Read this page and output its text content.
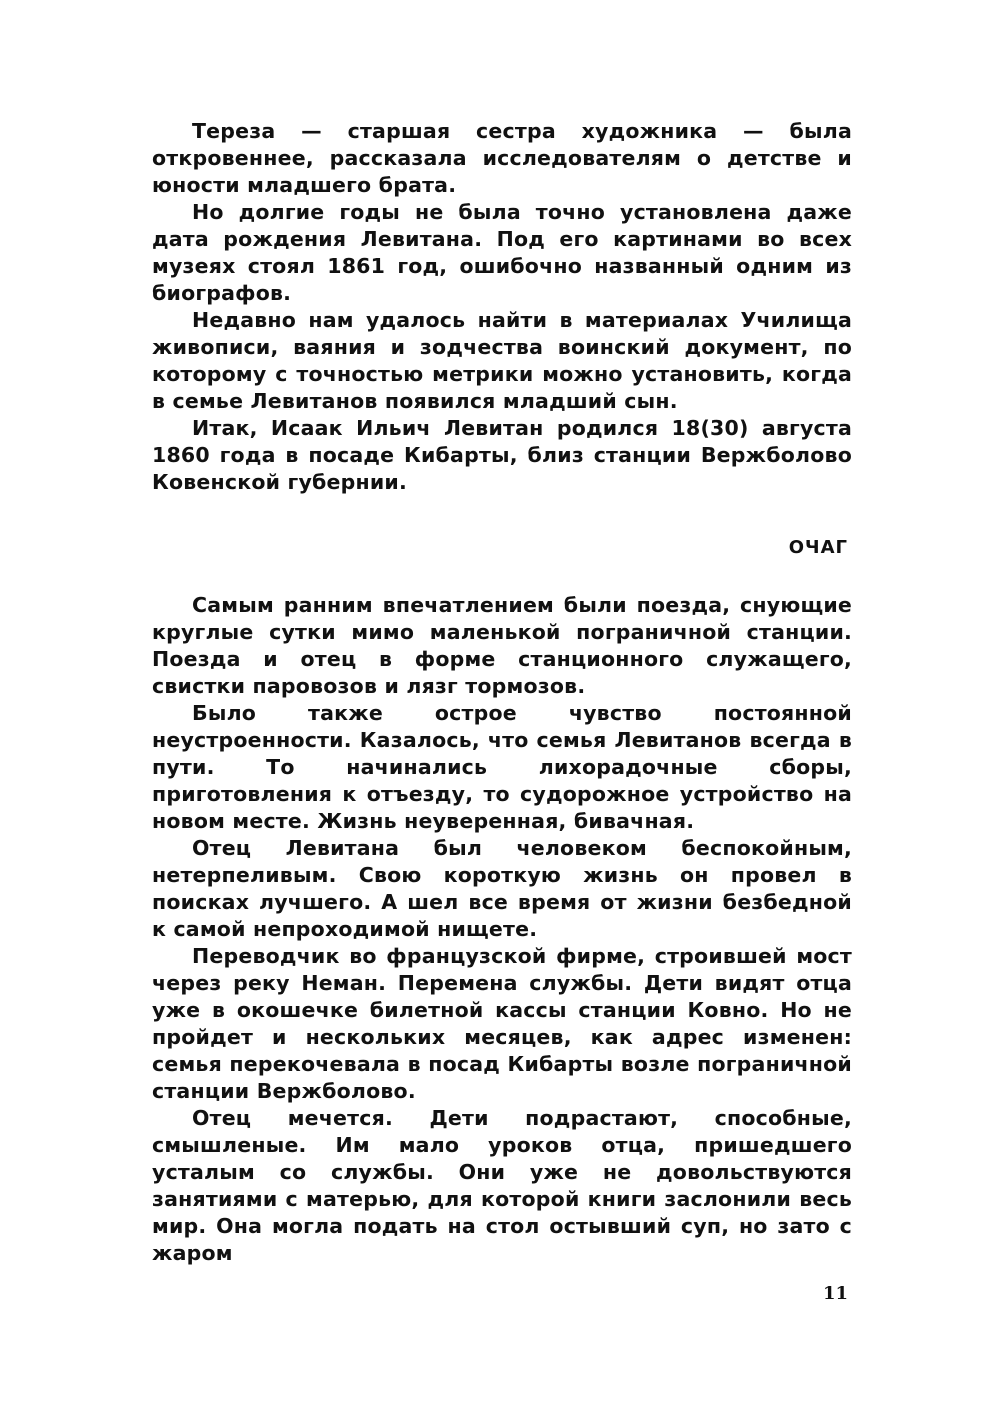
Тереза — старшая сестра художника — была откровеннее, рассказала исследователям о детстве и юности младшего брата.

Но долгие годы не была точно установлена даже дата рождения Левитана. Под его картинами во всех музеях стоял 1861 год, ошибочно названный одним из биографов.

Недавно нам удалось найти в материалах Училища живописи, ваяния и зодчества воинский документ, по которому с точностью метрики можно установить, когда в семье Левитанов появился младший сын.

Итак, Исаак Ильич Левитан родился 18(30) августа 1860 года в посаде Кибарты, близ станции Вержболово Ковенской губернии.

ОЧАГ

Самым ранним впечатлением были поезда, снующие круглые сутки мимо маленькой пограничной станции. Поезда и отец в форме станционного служащего, свистки паровозов и лязг тормозов.

Было также острое чувство постоянной неустроенности. Казалось, что семья Левитанов всегда в пути. То начинались лихорадочные сборы, приготовления к отъезду, то судорожное устройство на новом месте. Жизнь неуверенная, бивачная.

Отец Левитана был человеком беспокойным, нетерпеливым. Свою короткую жизнь он провел в поисках лучшего. А шел все время от жизни безбедной к самой непроходимой нищете.

Переводчик во французской фирме, строившей мост через реку Неман. Перемена службы. Дети видят отца уже в окошечке билетной кассы станции Ковно. Но не пройдет и нескольких месяцев, как адрес изменен: семья перекочевала в посад Кибарты возле пограничной станции Вержболово.

Отец мечется. Дети подрастают, способные, смышленые. Им мало уроков отца, пришедшего усталым со службы. Они уже не довольствуются занятиями с матерью, для которой книги заслонили весь мир. Она могла подать на стол остывший суп, но зато с жаром

11
